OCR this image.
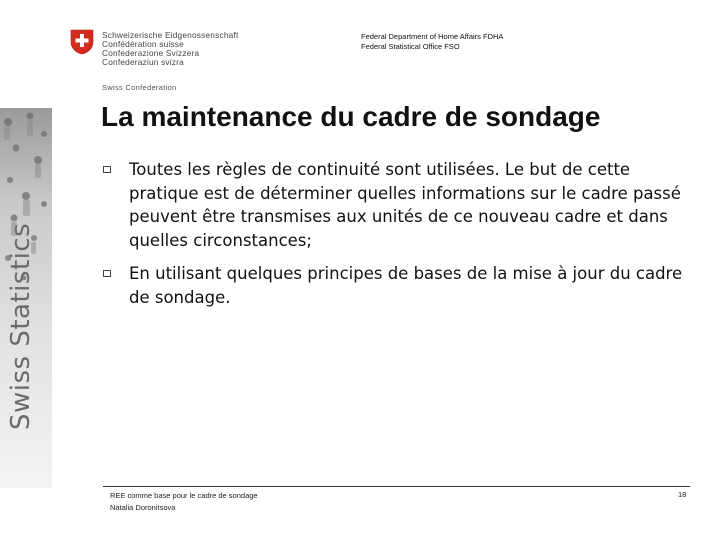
Schweizerische Eidgenossenschaft
Confédération suisse
Confederazione Svizzera
Confederaziun svizra
Swiss Confederation
Federal Department of Home Affairs FDHA
Federal Statistical Office FSO
Swiss Statistics
La maintenance du cadre de sondage
Toutes les règles de continuité sont utilisées. Le but de cette pratique est de déterminer quelles informations sur le cadre passé peuvent être transmises aux unités de ce nouveau cadre et dans quelles circonstances;
En utilisant quelques principes de bases de la mise à jour du cadre de sondage.
REE comme base pour le cadre de sondage
Natalia Doronitsova
18
